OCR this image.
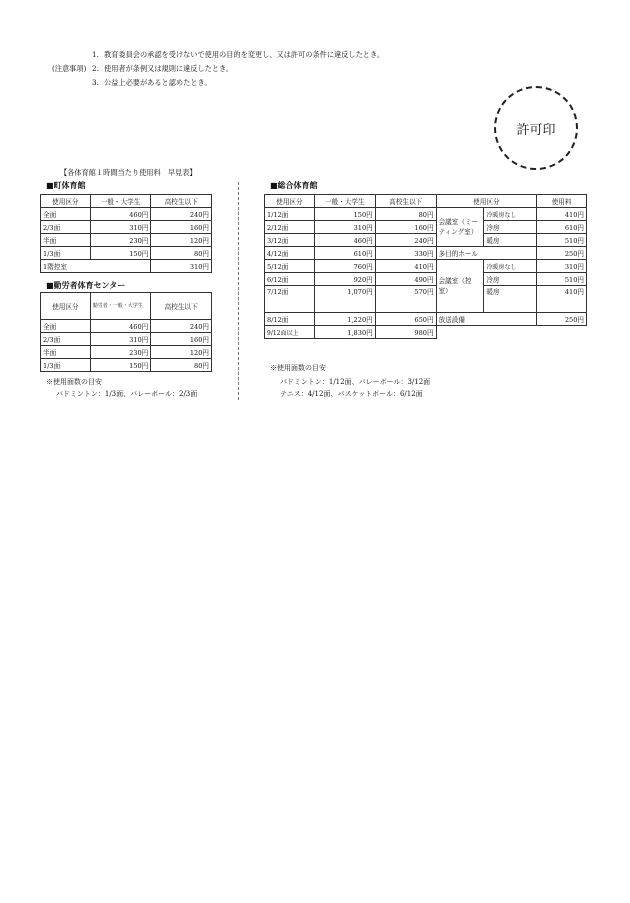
1. 教育委員会の承認を受けないで使用の目的を変更し、又は許可の条件に違反したとき。
(注意事項) 2. 使用者が条例又は規則に違反したとき。
3. 公益上必要があると認めたとき。
許可印
【各体育館１時間当たり使用料　早見表】
■町体育館
使用区分	一般・大学生	高校生以下
全面	460円	240円
2/3面	310円	160円
半面	230円	120円
1/3面	150円	80円
1階控室		310円
■勤労者体育センター
使用区分	勤労者・一般・大学生	高校生以下
全面	460円	240円
2/3面	310円	160円
半面	230円	120円
1/3面	150円	80円
※使用面数の目安
バドミントン：1/3面、バレーボール：2/3面
■総合体育館
使用区分	一般・大学生	高校生以下	使用区分		使用料
1/12面	150円	80円	会議室（ミーティング室）	冷暖房なし	410円
2/12面	310円	160円		冷房	610円
3/12面	460円	240円		暖房	510円
4/12面	610円	330円	多目的ホール		250円
5/12面	760円	410円	会議室（控室）	冷暖房なし	310円
6/12面	920円	490円		冷房	510円
7/12面	1,070円	570円		暖房	410円
8/12面	1,220円	650円	放送設備		250円
9/12面以上	1,830円	980円			
※使用面数の目安
バドミントン：1/12面、バレーボール：3/12面
テニス：4/12面、バスケットボール：6/12面
